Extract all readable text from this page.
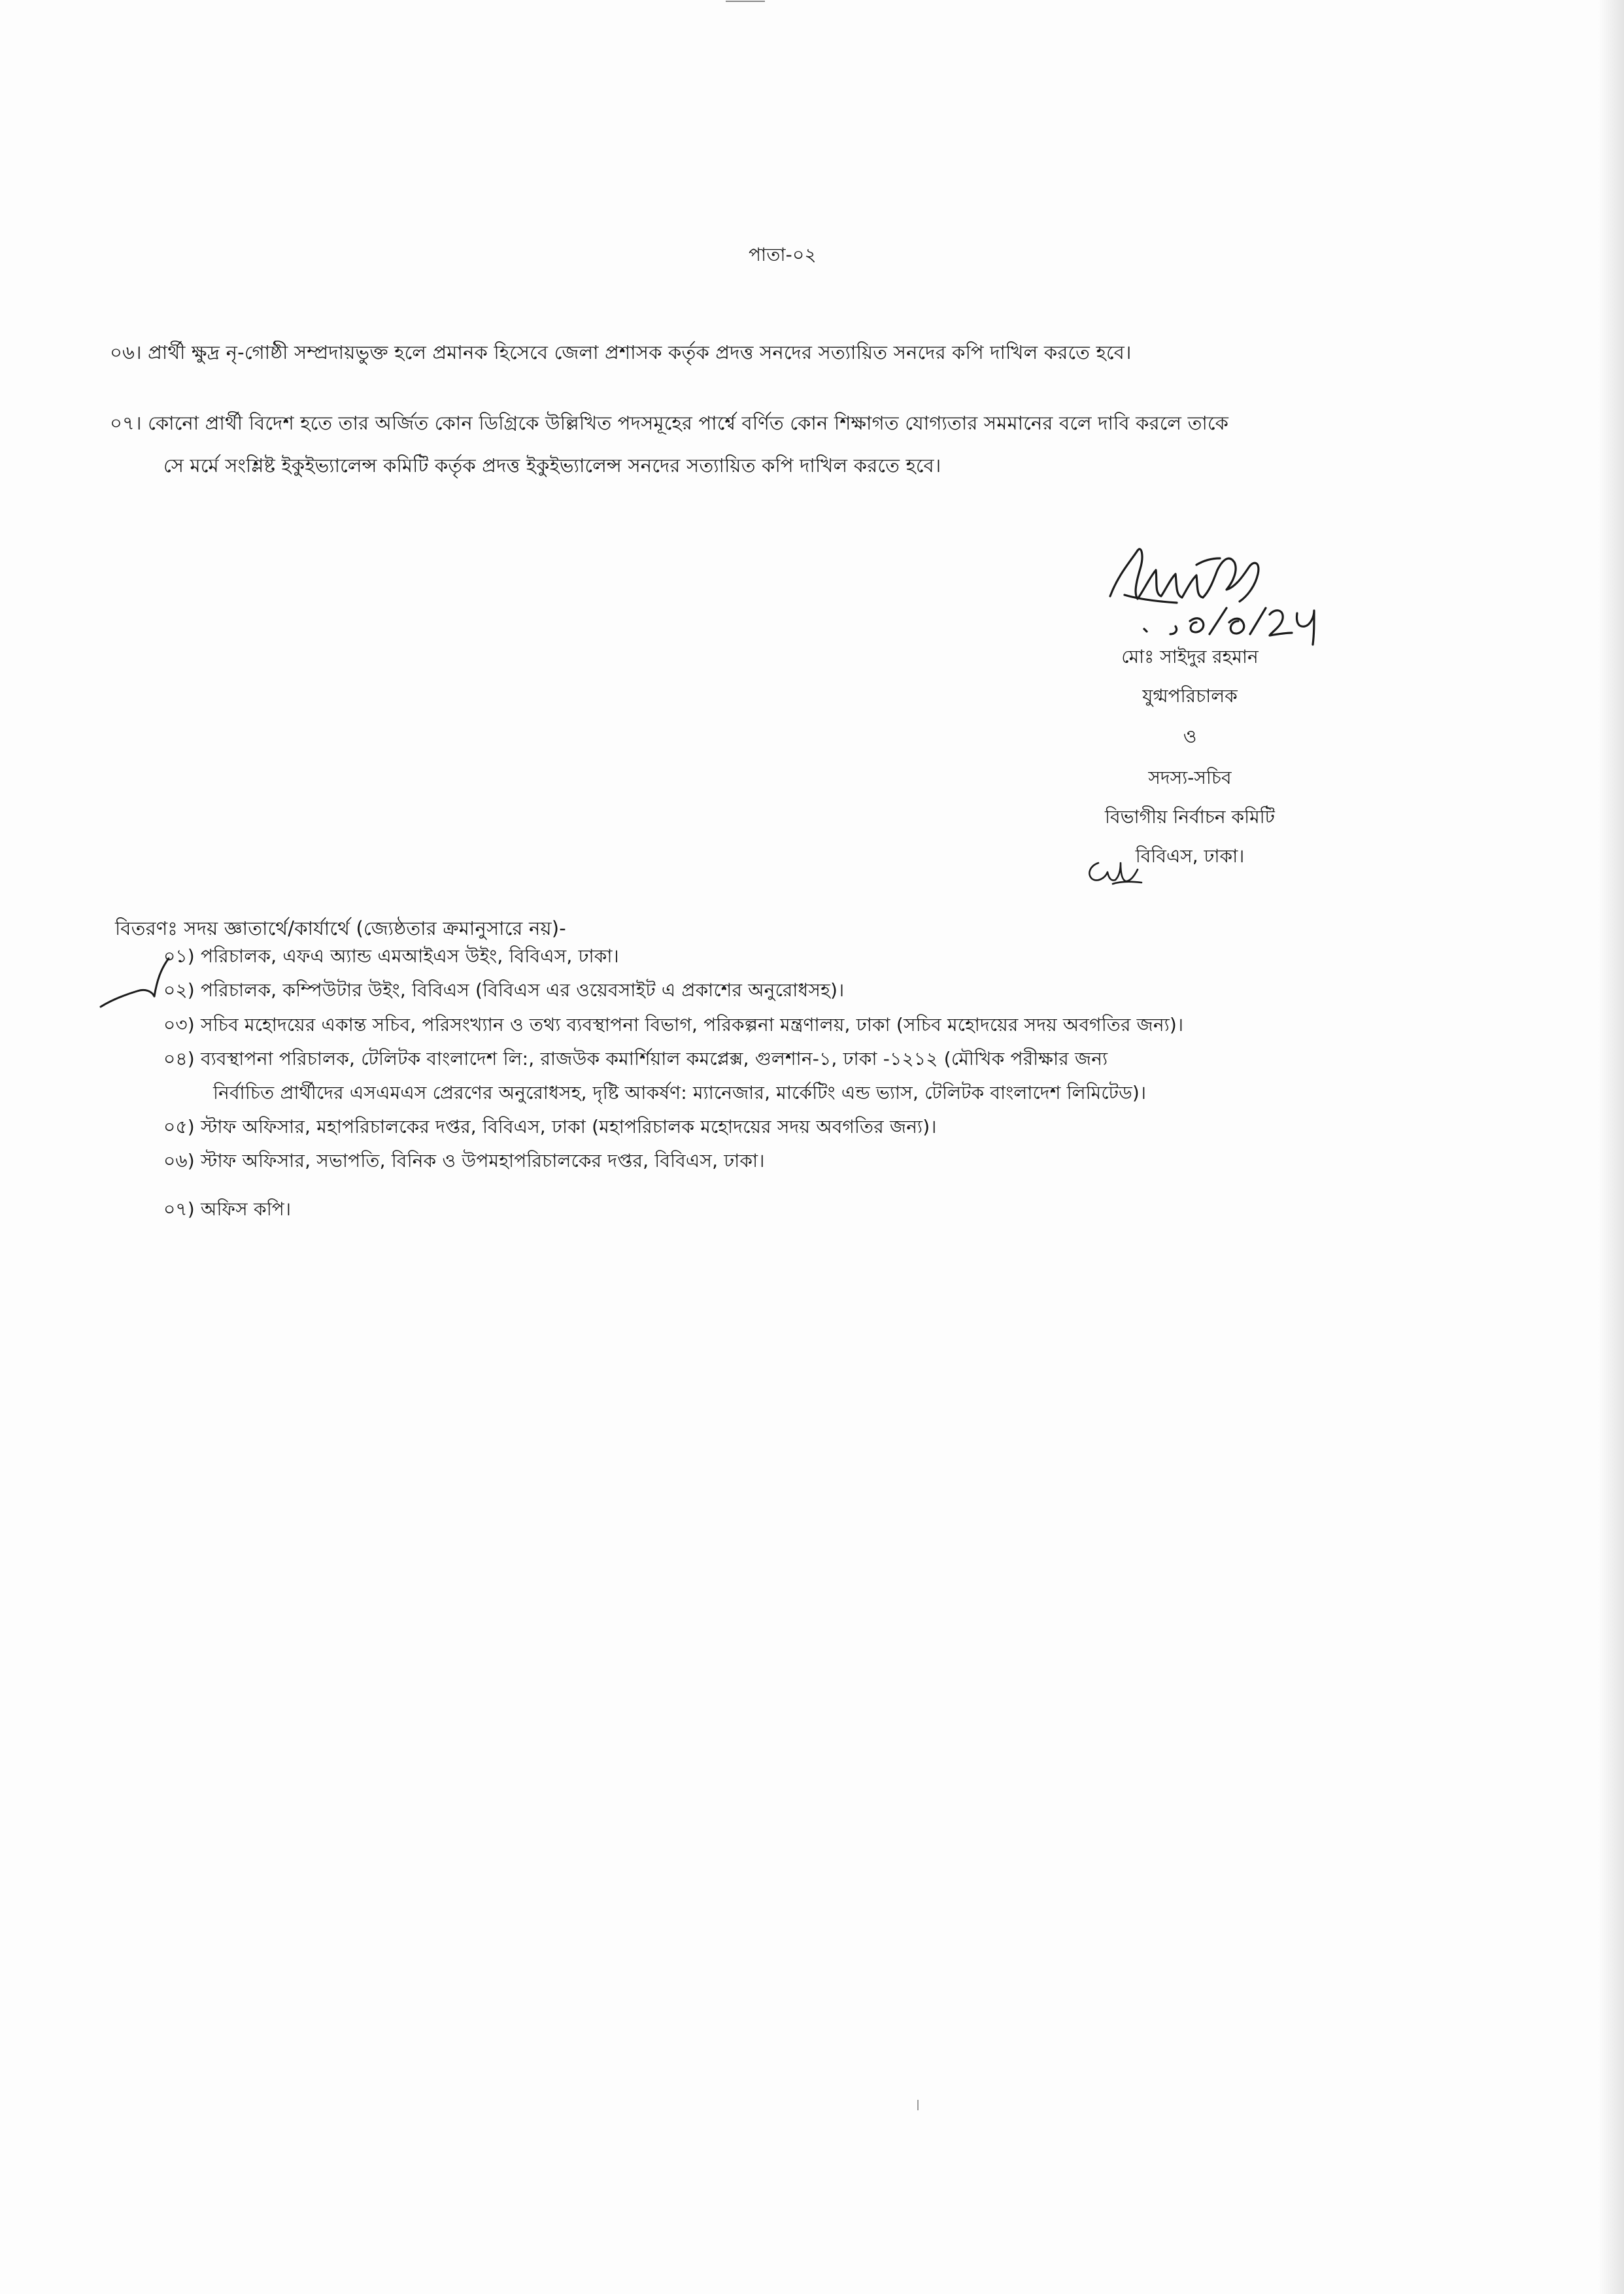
পাতা-০২
০৬। প্রার্থী ক্ষুদ্র নৃ-গোষ্ঠী সম্প্রদায়ভুক্ত হলে প্রমানক হিসেবে জেলা প্রশাসক কর্তৃক প্রদত্ত সনদের সত্যায়িত সনদের কপি দাখিল করতে হবে।
০৭। কোনো প্রার্থী বিদেশ হতে তার অর্জিত কোন ডিগ্রিকে উল্লিখিত পদসমূহের পার্শ্বে বর্ণিত কোন শিক্ষাগত যোগ্যতার সমমানের বলে দাবি করলে তাকে
সে মর্মে সংশ্লিষ্ট ইকুইভ্যালেন্স কমিটি কর্তৃক প্রদত্ত ইকুইভ্যালেন্স সনদের সত্যায়িত কপি দাখিল করতে হবে।
মোঃ সাইদুর রহমান
যুগ্মপরিচালক
ও
সদস্য-সচিব
বিভাগীয় নির্বাচন কমিটি
বিবিএস, ঢাকা।
বিতরণঃ সদয় জ্ঞাতার্থে/কার্যার্থে (জ্যেষ্ঠতার ক্রমানুসারে নয়)-
০১) পরিচালক, এফএ অ্যান্ড এমআইএস উইং, বিবিএস, ঢাকা।
০২) পরিচালক, কম্পিউটার উইং, বিবিএস (বিবিএস এর ওয়েবসাইট এ প্রকাশের অনুরোধসহ)।
০৩) সচিব মহোদয়ের একান্ত সচিব, পরিসংখ্যান ও তথ্য ব্যবস্থাপনা বিভাগ, পরিকল্পনা মন্ত্রণালয়, ঢাকা (সচিব মহোদয়ের সদয় অবগতির জন্য)।
০৪) ব্যবস্থাপনা পরিচালক, টেলিটক বাংলাদেশ লি:, রাজউক কমার্শিয়াল কমপ্লেক্স, গুলশান-১, ঢাকা -১২১২ (মৌখিক পরীক্ষার জন্য
নির্বাচিত প্রার্থীদের এসএমএস প্রেরণের অনুরোধসহ, দৃষ্টি আকর্ষণ: ম্যানেজার, মার্কেটিং এন্ড ভ্যাস, টেলিটক বাংলাদেশ লিমিটেড)।
০৫) স্টাফ অফিসার, মহাপরিচালকের দপ্তর, বিবিএস, ঢাকা (মহাপরিচালক মহোদয়ের সদয় অবগতির জন্য)।
০৬) স্টাফ অফিসার, সভাপতি, বিনিক ও উপমহাপরিচালকের দপ্তর, বিবিএস, ঢাকা।
০৭) অফিস কপি।
